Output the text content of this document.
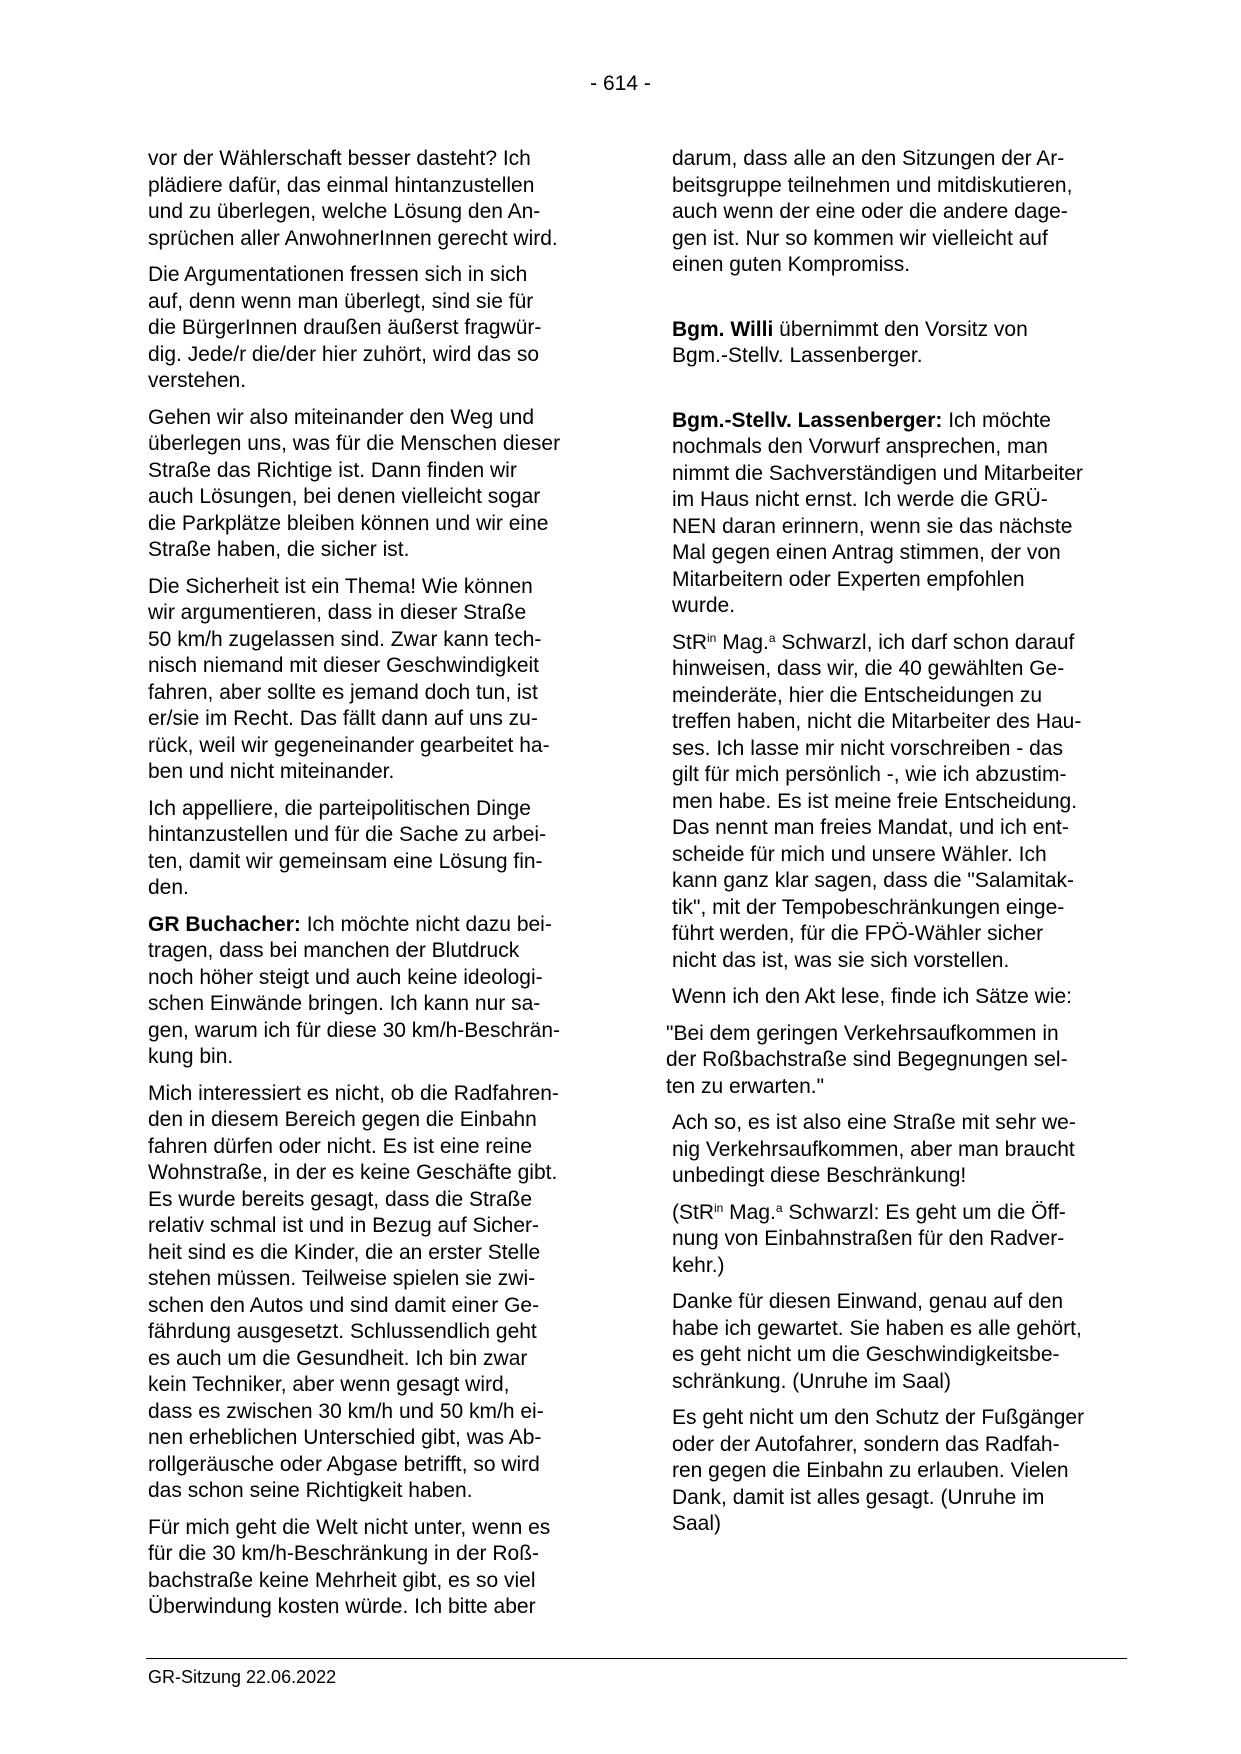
- 614 -

vor der Wählerschaft besser dasteht? Ich
plädiere dafür, das einmal hintanzustellen
und zu überlegen, welche Lösung den An-
sprüchen aller AnwohnerInnen gerecht wird.

Die Argumentationen fressen sich in sich
auf, denn wenn man überlegt, sind sie für
die BürgerInnen draußen äußerst fragwür-
dig. Jede/r die/der hier zuhört, wird das so
verstehen.

Gehen wir also miteinander den Weg und
überlegen uns, was für die Menschen dieser
Straße das Richtige ist. Dann finden wir
auch Lösungen, bei denen vielleicht sogar
die Parkplätze bleiben können und wir eine
Straße haben, die sicher ist.

Die Sicherheit ist ein Thema! Wie können
wir argumentieren, dass in dieser Straße
50 km/h zugelassen sind. Zwar kann tech-
nisch niemand mit dieser Geschwindigkeit
fahren, aber sollte es jemand doch tun, ist
er/sie im Recht. Das fällt dann auf uns zu-
rück, weil wir gegeneinander gearbeitet ha-
ben und nicht miteinander.

Ich appelliere, die parteipolitischen Dinge
hintanzustellen und für die Sache zu arbei-
ten, damit wir gemeinsam eine Lösung fin-
den.

GR Buchacher: Ich möchte nicht dazu bei-
tragen, dass bei manchen der Blutdruck
noch höher steigt und auch keine ideologi-
schen Einwände bringen. Ich kann nur sa-
gen, warum ich für diese 30 km/h-Beschrän-
kung bin.

Mich interessiert es nicht, ob die Radfahren-
den in diesem Bereich gegen die Einbahn
fahren dürfen oder nicht. Es ist eine reine
Wohnstraße, in der es keine Geschäfte gibt.
Es wurde bereits gesagt, dass die Straße
relativ schmal ist und in Bezug auf Sicher-
heit sind es die Kinder, die an erster Stelle
stehen müssen. Teilweise spielen sie zwi-
schen den Autos und sind damit einer Ge-
fährdung ausgesetzt. Schlussendlich geht
es auch um die Gesundheit. Ich bin zwar
kein Techniker, aber wenn gesagt wird,
dass es zwischen 30 km/h und 50 km/h ei-
nen erheblichen Unterschied gibt, was Ab-
rollgeräusche oder Abgase betrifft, so wird
das schon seine Richtigkeit haben.

Für mich geht die Welt nicht unter, wenn es
für die 30 km/h-Beschränkung in der Roß-
bachstraße keine Mehrheit gibt, es so viel
Überwindung kosten würde. Ich bitte aber

darum, dass alle an den Sitzungen der Ar-
beitsgruppe teilnehmen und mitdiskutieren,
auch wenn der eine oder die andere dage-
gen ist. Nur so kommen wir vielleicht auf
einen guten Kompromiss.

Bgm. Willi übernimmt den Vorsitz von
Bgm.-Stellv. Lassenberger.

Bgm.-Stellv. Lassenberger: Ich möchte
nochmals den Vorwurf ansprechen, man
nimmt die Sachverständigen und Mitarbeiter
im Haus nicht ernst. Ich werde die GRÜ-
NEN daran erinnern, wenn sie das nächste
Mal gegen einen Antrag stimmen, der von
Mitarbeitern oder Experten empfohlen
wurde.

StR$^{in}$ Mag.$^a$ Schwarzl, ich darf schon darauf
hinweisen, dass wir, die 40 gewählten Ge-
meinderäte, hier die Entscheidungen zu
treffen haben, nicht die Mitarbeiter des Hau-
ses. Ich lasse mir nicht vorschreiben - das
gilt für mich persönlich -, wie ich abzustim-
men habe. Es ist meine freie Entscheidung.
Das nennt man freies Mandat, und ich ent-
scheide für mich und unsere Wähler. Ich
kann ganz klar sagen, dass die "Salamitak-
tik", mit der Tempobeschränkungen einge-
führt werden, für die FPÖ-Wähler sicher
nicht das ist, was sie sich vorstellen.

Wenn ich den Akt lese, finde ich Sätze wie:

"Bei dem geringen Verkehrsaufkommen in
der Roßbachstraße sind Begegnungen sel-
ten zu erwarten."

Ach so, es ist also eine Straße mit sehr we-
nig Verkehrsaufkommen, aber man braucht
unbedingt diese Beschränkung!

(StR$^{in}$ Mag.$^a$ Schwarzl: Es geht um die Öff-
nung von Einbahnstraßen für den Radver-
kehr.)

Danke für diesen Einwand, genau auf den
habe ich gewartet. Sie haben es alle gehört,
es geht nicht um die Geschwindigkeitsbe-
schränkung. (Unruhe im Saal)

Es geht nicht um den Schutz der Fußgänger
oder der Autofahrer, sondern das Radfah-
ren gegen die Einbahn zu erlauben. Vielen
Dank, damit ist alles gesagt. (Unruhe im
Saal)

GR-Sitzung 22.06.2022
